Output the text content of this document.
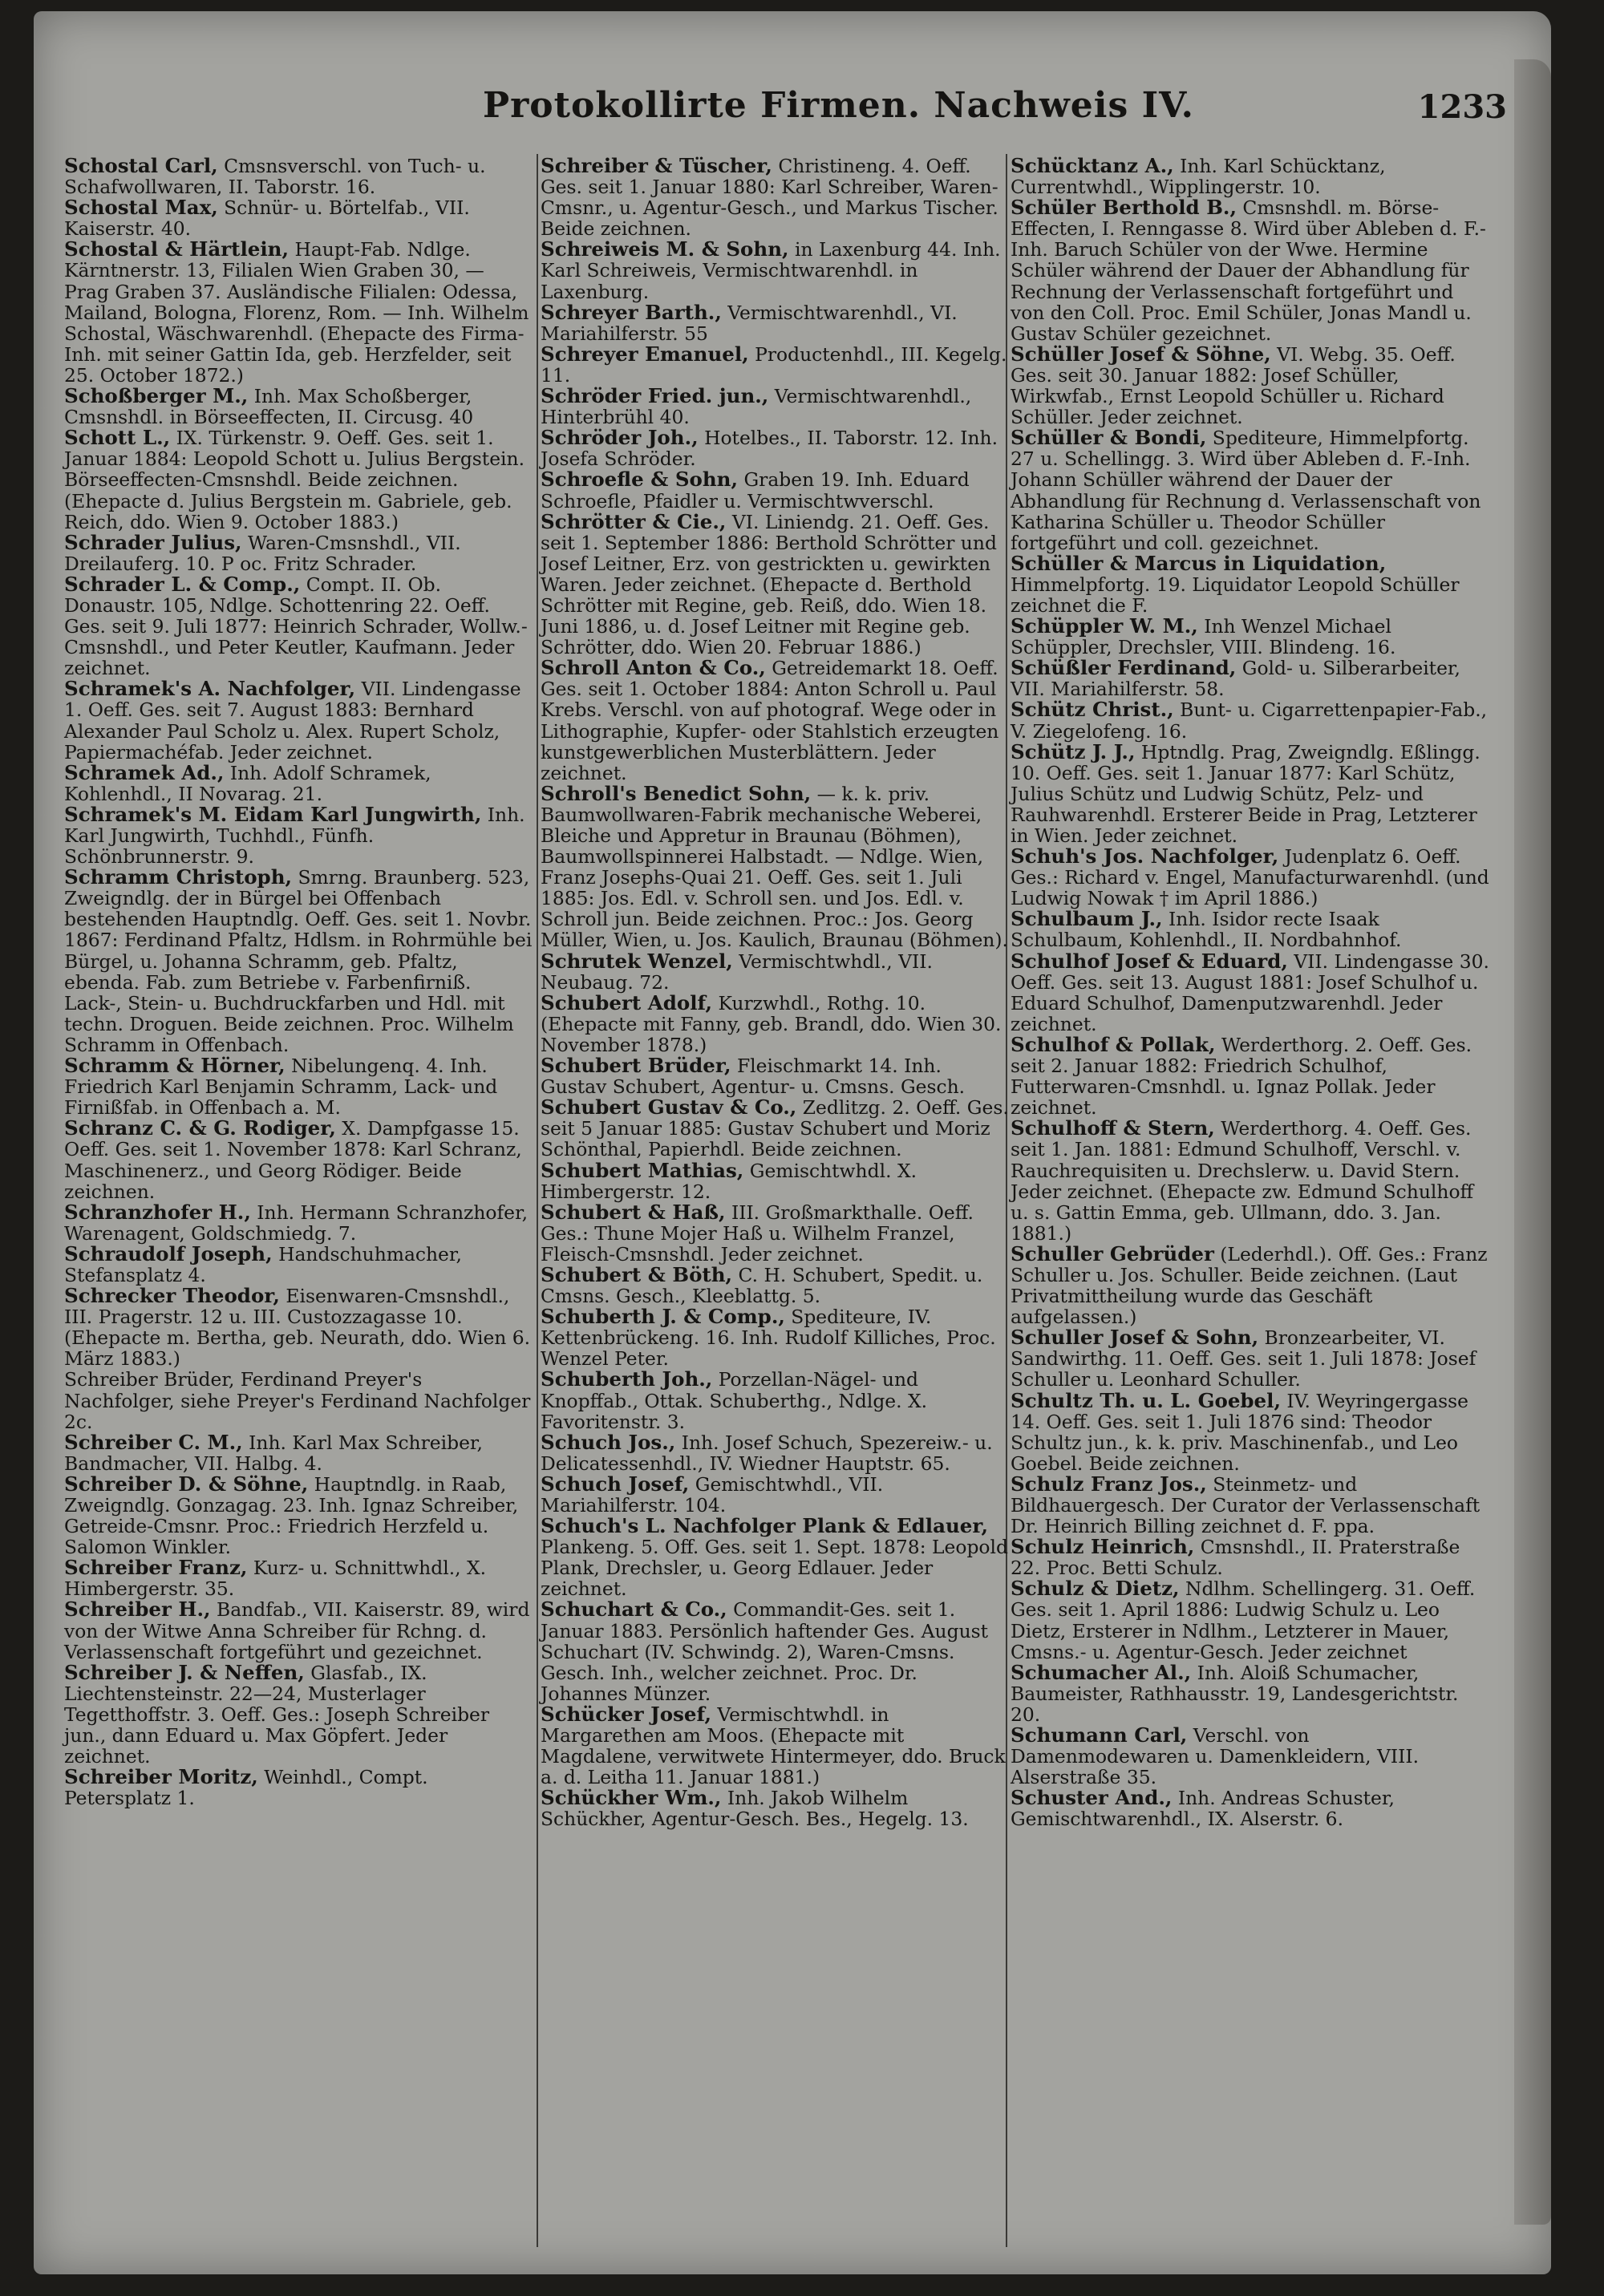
Protokollirte Firmen. Nachweis IV.	1233

Schostal Carl, Cmsnsverschl. von Tuch- u. Schafwollwaren, II. Taborstr. 16.

Schostal Max, Schnür- u. Börtelfab., VII. Kaiserstr. 40.

Schostal & Härtlein, Haupt-Fab. Ndlge. Kärntnerstr. 13, Filialen Wien Graben 30, — Prag Graben 37. Ausländische Filialen: Odessa, Mailand, Bologna, Florenz, Rom. — Inh. Wilhelm Schostal, Wäschwarenhdl. (Ehepacte des Firma-Inh. mit seiner Gattin Ida, geb. Herzfelder, seit 25. October 1872.)

Schoßberger M., Inh. Max Schoßberger, Cmsnshdl. in Börseeffecten, II. Circusg. 40

Schott L., IX. Türkenstr. 9. Oeff. Ges. seit 1. Januar 1884: Leopold Schott u. Julius Bergstein. Börseeffecten-Cmsnshdl. Beide zeichnen. (Ehepacte d. Julius Bergstein m. Gabriele, geb. Reich, ddo. Wien 9. October 1883.)

Schrader Julius, Waren-Cmsnshdl., VII. Dreilauferg. 10. P oc. Fritz Schrader.

Schrader L. & Comp., Compt. II. Ob. Donaustr. 105, Ndlge. Schottenring 22. Oeff. Ges. seit 9. Juli 1877: Heinrich Schrader, Wollw.-Cmsnshdl., und Peter Keutler, Kaufmann. Jeder zeichnet.

Schramek's A. Nachfolger, VII. Lindengasse 1. Oeff. Ges. seit 7. August 1883: Bernhard Alexander Paul Scholz u. Alex. Rupert Scholz, Papiermachéfab. Jeder zeichnet.

Schramek Ad., Inh. Adolf Schramek, Kohlenhdl., II Novarag. 21.

Schramek's M. Eidam Karl Jungwirth, Inh. Karl Jungwirth, Tuchhdl., Fünfh. Schönbrunnerstr. 9.

Schramm Christoph, Smrng. Braunberg. 523, Zweigndlg. der in Bürgel bei Offenbach bestehenden Hauptndlg. Oeff. Ges. seit 1. Novbr. 1867: Ferdinand Pfaltz, Hdlsm. in Rohrmühle bei Bürgel, u. Johanna Schramm, geb. Pfaltz, ebenda. Fab. zum Betriebe v. Farbenfirniß. Lack-, Stein- u. Buchdruckfarben und Hdl. mit techn. Droguen. Beide zeichnen. Proc. Wilhelm Schramm in Offenbach.

Schramm & Hörner, Nibelungenq. 4. Inh. Friedrich Karl Benjamin Schramm, Lack- und Firnißfab. in Offenbach a. M.

Schranz C. & G. Rodiger, X. Dampfgasse 15. Oeff. Ges. seit 1. November 1878: Karl Schranz, Maschinenerz., und Georg Rödiger. Beide zeichnen.

Schranzhofer H., Inh. Hermann Schranzhofer, Warenagent, Goldschmiedg. 7.

Schraudolf Joseph, Handschuhmacher, Stefansplatz 4.

Schrecker Theodor, Eisenwaren-Cmsnshdl., III. Pragerstr. 12 u. III. Custozzagasse 10. (Ehepacte m. Bertha, geb. Neurath, ddo. Wien 6. März 1883.)

Schreiber Brüder, Ferdinand Preyer's Nachfolger, siehe Preyer's Ferdinand Nachfolger 2c.

Schreiber C. M., Inh. Karl Max Schreiber, Bandmacher, VII. Halbg. 4.

Schreiber D. & Söhne, Hauptndlg. in Raab, Zweigndlg. Gonzagag. 23. Inh. Ignaz Schreiber, Getreide-Cmsnr. Proc.: Friedrich Herzfeld u. Salomon Winkler.

Schreiber Franz, Kurz- u. Schnittwhdl., X. Himbergerstr. 35.

Schreiber H., Bandfab., VII. Kaiserstr. 89, wird von der Witwe Anna Schreiber für Rchng. d. Verlassenschaft fortgeführt und gezeichnet.

Schreiber J. & Neffen, Glasfab., IX. Liechtensteinstr. 22—24, Musterlager Tegetthoffstr. 3. Oeff. Ges.: Joseph Schreiber jun., dann Eduard u. Max Göpfert. Jeder zeichnet.

Schreiber Moritz, Weinhdl., Compt. Petersplatz 1.

Schreiber & Tüscher, Christineng. 4. Oeff. Ges. seit 1. Januar 1880: Karl Schreiber, Waren-Cmsnr., u. Agentur-Gesch., und Markus Tischer. Beide zeichnen.

Schreiweis M. & Sohn, in Laxenburg 44. Inh. Karl Schreiweis, Vermischtwarenhdl. in Laxenburg.

Schreyer Barth., Vermischtwarenhdl., VI. Mariahilferstr. 55

Schreyer Emanuel, Productenhdl., III. Kegelg. 11.

Schröder Fried. jun., Vermischtwarenhdl., Hinterbrühl 40.

Schröder Joh., Hotelbes., II. Taborstr. 12. Inh. Josefa Schröder.

Schroefle & Sohn, Graben 19. Inh. Eduard Schroefle, Pfaidler u. Vermischtwverschl.

Schrötter & Cie., VI. Liniendg. 21. Oeff. Ges. seit 1. September 1886: Berthold Schrötter und Josef Leitner, Erz. von gestrickten u. gewirkten Waren. Jeder zeichnet. (Ehepacte d. Berthold Schrötter mit Regine, geb. Reiß, ddo. Wien 18. Juni 1886, u. d. Josef Leitner mit Regine geb. Schrötter, ddo. Wien 20. Februar 1886.)

Schroll Anton & Co., Getreidemarkt 18. Oeff. Ges. seit 1. October 1884: Anton Schroll u. Paul Krebs. Verschl. von auf photograf. Wege oder in Lithographie, Kupfer- oder Stahlstich erzeugten kunstgewerblichen Musterblättern. Jeder zeichnet.

Schroll's Benedict Sohn, — k. k. priv. Baumwollwaren-Fabrik mechanische Weberei, Bleiche und Appretur in Braunau (Böhmen), Baumwollspinnerei Halbstadt. — Ndlge. Wien, Franz Josephs-Quai 21. Oeff. Ges. seit 1. Juli 1885: Jos. Edl. v. Schroll sen. und Jos. Edl. v. Schroll jun. Beide zeichnen. Proc.: Jos. Georg Müller, Wien, u. Jos. Kaulich, Braunau (Böhmen).

Schrutek Wenzel, Vermischtwhdl., VII. Neubaug. 72.

Schubert Adolf, Kurzwhdl., Rothg. 10. (Ehepacte mit Fanny, geb. Brandl, ddo. Wien 30. November 1878.)

Schubert Brüder, Fleischmarkt 14. Inh. Gustav Schubert, Agentur- u. Cmsns. Gesch.

Schubert Gustav & Co., Zedlitzg. 2. Oeff. Ges. seit 5 Januar 1885: Gustav Schubert und Moriz Schönthal, Papierhdl. Beide zeichnen.

Schubert Mathias, Gemischtwhdl. X. Himbergerstr. 12.

Schubert & Haß, III. Großmarkthalle. Oeff. Ges.: Thune Mojer Haß u. Wilhelm Franzel, Fleisch-Cmsnshdl. Jeder zeichnet.

Schubert & Böth, C. H. Schubert, Spedit. u. Cmsns. Gesch., Kleeblattg. 5.

Schuberth J. & Comp., Spediteure, IV. Kettenbrückeng. 16. Inh. Rudolf Killiches, Proc. Wenzel Peter.

Schuberth Joh., Porzellan-Nägel- und Knopffab., Ottak. Schuberthg., Ndlge. X. Favoritenstr. 3.

Schuch Jos., Inh. Josef Schuch, Spezereiw.- u. Delicatessenhdl., IV. Wiedner Hauptstr. 65.

Schuch Josef, Gemischtwhdl., VII. Mariahilferstr. 104.

Schuch's L. Nachfolger Plank & Edlauer, Plankeng. 5. Off. Ges. seit 1. Sept. 1878: Leopold Plank, Drechsler, u. Georg Edlauer. Jeder zeichnet.

Schuchart & Co., Commandit-Ges. seit 1. Januar 1883. Persönlich haftender Ges. August Schuchart (IV. Schwindg. 2), Waren-Cmsns. Gesch. Inh., welcher zeichnet. Proc. Dr. Johannes Münzer.

Schücker Josef, Vermischtwhdl. in Margarethen am Moos. (Ehepacte mit Magdalene, verwitwete Hintermeyer, ddo. Bruck a. d. Leitha 11. Januar 1881.)

Schückher Wm., Inh. Jakob Wilhelm Schückher, Agentur-Gesch. Bes., Hegelg. 13.

Schücktanz A., Inh. Karl Schücktanz, Currentwhdl., Wipplingerstr. 10.

Schüler Berthold B., Cmsnshdl. m. Börse-Effecten, I. Renngasse 8. Wird über Ableben d. F.-Inh. Baruch Schüler von der Wwe. Hermine Schüler während der Dauer der Abhandlung für Rechnung der Verlassenschaft fortgeführt und von den Coll. Proc. Emil Schüler, Jonas Mandl u. Gustav Schüler gezeichnet.

Schüller Josef & Söhne, VI. Webg. 35. Oeff. Ges. seit 30. Januar 1882: Josef Schüller, Wirkwfab., Ernst Leopold Schüller u. Richard Schüller. Jeder zeichnet.

Schüller & Bondi, Spediteure, Himmelpfortg. 27 u. Schellingg. 3. Wird über Ableben d. F.-Inh. Johann Schüller während der Dauer der Abhandlung für Rechnung d. Verlassenschaft von Katharina Schüller u. Theodor Schüller fortgeführt und coll. gezeichnet.

Schüller & Marcus in Liquidation, Himmelpfortg. 19. Liquidator Leopold Schüller zeichnet die F.

Schüppler W. M., Inh Wenzel Michael Schüppler, Drechsler, VIII. Blindeng. 16.

Schüßler Ferdinand, Gold- u. Silberarbeiter, VII. Mariahilferstr. 58.

Schütz Christ., Bunt- u. Cigarrettenpapier-Fab., V. Ziegelofeng. 16.

Schütz J. J., Hptndlg. Prag, Zweigndlg. Eßlingg. 10. Oeff. Ges. seit 1. Januar 1877: Karl Schütz, Julius Schütz und Ludwig Schütz, Pelz- und Rauhwarenhdl. Ersterer Beide in Prag, Letzterer in Wien. Jeder zeichnet.

Schuh's Jos. Nachfolger, Judenplatz 6. Oeff. Ges.: Richard v. Engel, Manufacturwarenhdl. (und Ludwig Nowak † im April 1886.)

Schulbaum J., Inh. Isidor recte Isaak Schulbaum, Kohlenhdl., II. Nordbahnhof.

Schulhof Josef & Eduard, VII. Lindengasse 30. Oeff. Ges. seit 13. August 1881: Josef Schulhof u. Eduard Schulhof, Damenputzwarenhdl. Jeder zeichnet.

Schulhof & Pollak, Werderthorg. 2. Oeff. Ges. seit 2. Januar 1882: Friedrich Schulhof, Futterwaren-Cmsnhdl. u. Ignaz Pollak. Jeder zeichnet.

Schulhoff & Stern, Werderthorg. 4. Oeff. Ges. seit 1. Jan. 1881: Edmund Schulhoff, Verschl. v. Rauchrequisiten u. Drechslerw. u. David Stern. Jeder zeichnet. (Ehepacte zw. Edmund Schulhoff u. s. Gattin Emma, geb. Ullmann, ddo. 3. Jan. 1881.)

Schuller Gebrüder (Lederhdl.). Off. Ges.: Franz Schuller u. Jos. Schuller. Beide zeichnen. (Laut Privatmittheilung wurde das Geschäft aufgelassen.)

Schuller Josef & Sohn, Bronzearbeiter, VI. Sandwirthg. 11. Oeff. Ges. seit 1. Juli 1878: Josef Schuller u. Leonhard Schuller.

Schultz Th. u. L. Goebel, IV. Weyringergasse 14. Oeff. Ges. seit 1. Juli 1876 sind: Theodor Schultz jun., k. k. priv. Maschinenfab., und Leo Goebel. Beide zeichnen.

Schulz Franz Jos., Steinmetz- und Bildhauergesch. Der Curator der Verlassenschaft Dr. Heinrich Billing zeichnet d. F. ppa.

Schulz Heinrich, Cmsnshdl., II. Praterstraße 22. Proc. Betti Schulz.

Schulz & Dietz, Ndlhm. Schellingerg. 31. Oeff. Ges. seit 1. April 1886: Ludwig Schulz u. Leo Dietz, Ersterer in Ndlhm., Letzterer in Mauer, Cmsns.- u. Agentur-Gesch. Jeder zeichnet

Schumacher Al., Inh. Aloiß Schumacher, Baumeister, Rathhausstr. 19, Landesgerichtstr. 20.

Schumann Carl, Verschl. von Damenmodewaren u. Damenkleidern, VIII. Alserstraße 35.

Schuster And., Inh. Andreas Schuster, Gemischtwarenhdl., IX. Alserstr. 6.
